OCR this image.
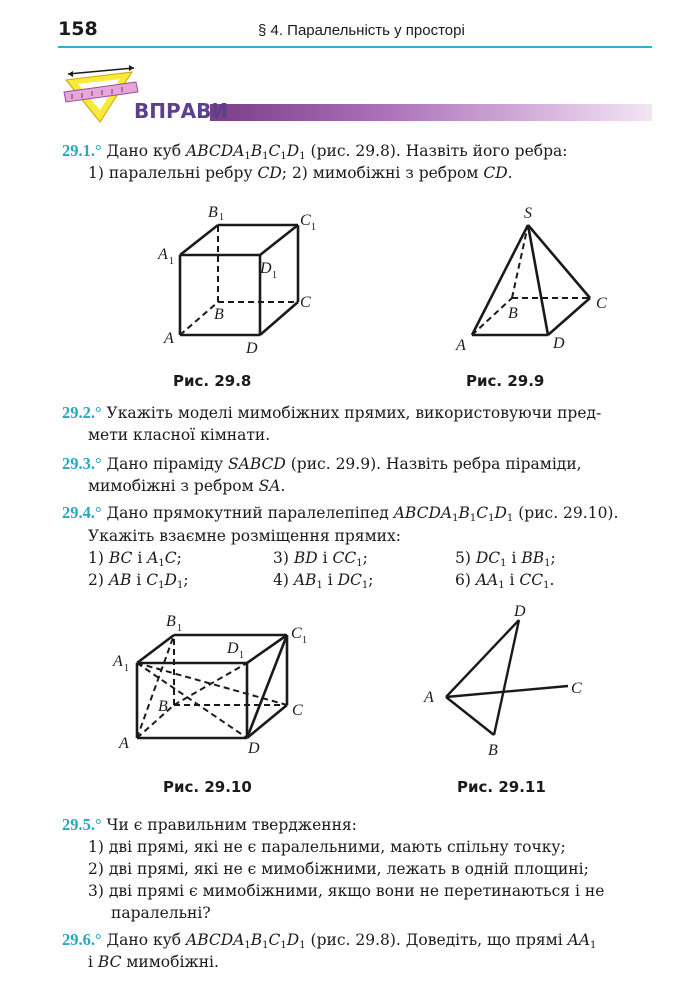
158	§ 4. Паралельність у просторі
ВПРАВИ
29.1.° Дано куб $ABCDA_1B_1C_1D_1$ (рис. 29.8). Назвіть його ребра:
1) паралельні ребру CD; 2) мимобіжні з ребром CD.
B 1	C 1
A 1	D 1
C
B
A
D
Рис. 29.8
S
C
B
A	D
Рис. 29.9
29.2.° Укажіть моделі мимобіжних прямих, використовуючи пред-
мети класної кімнати.
29.3.° Дано піраміду SABCD (рис. 29.9). Назвіть ребра піраміди,
мимобіжні з ребром SA.
29.4.° Дано прямокутний паралелепіпед $ABCDA_1B_1C_1D_1$ (рис. 29.10).
Укажіть взаємне розміщення прямих:
1) BC і $A_1C$;	3) BD і $CC_1$;	5) $DC_1$ і $BB_1$;
2) AB і $C_1D_1$;	4) $AB_1$ і $DC_1$;	6) $AA_1$ і $CC_1$.
B 1	C 1
A 1
D 1
C
B
A	D
Рис. 29.10
D
A
C
B
Рис. 29.11
29.5.° Чи є правильним твердження:
1) дві прямі, які не є паралельними, мають спільну точку;
2) дві прямі, які не є мимобіжними, лежать в одній площині;
3) дві прямі є мимобіжними, якщо вони не перетинаються і не
паралельні?
29.6.° Дано куб $ABCDA_1B_1C_1D_1$ (рис. 29.8). Доведіть, що прямі $AA_1$
і BC мимобіжні.
